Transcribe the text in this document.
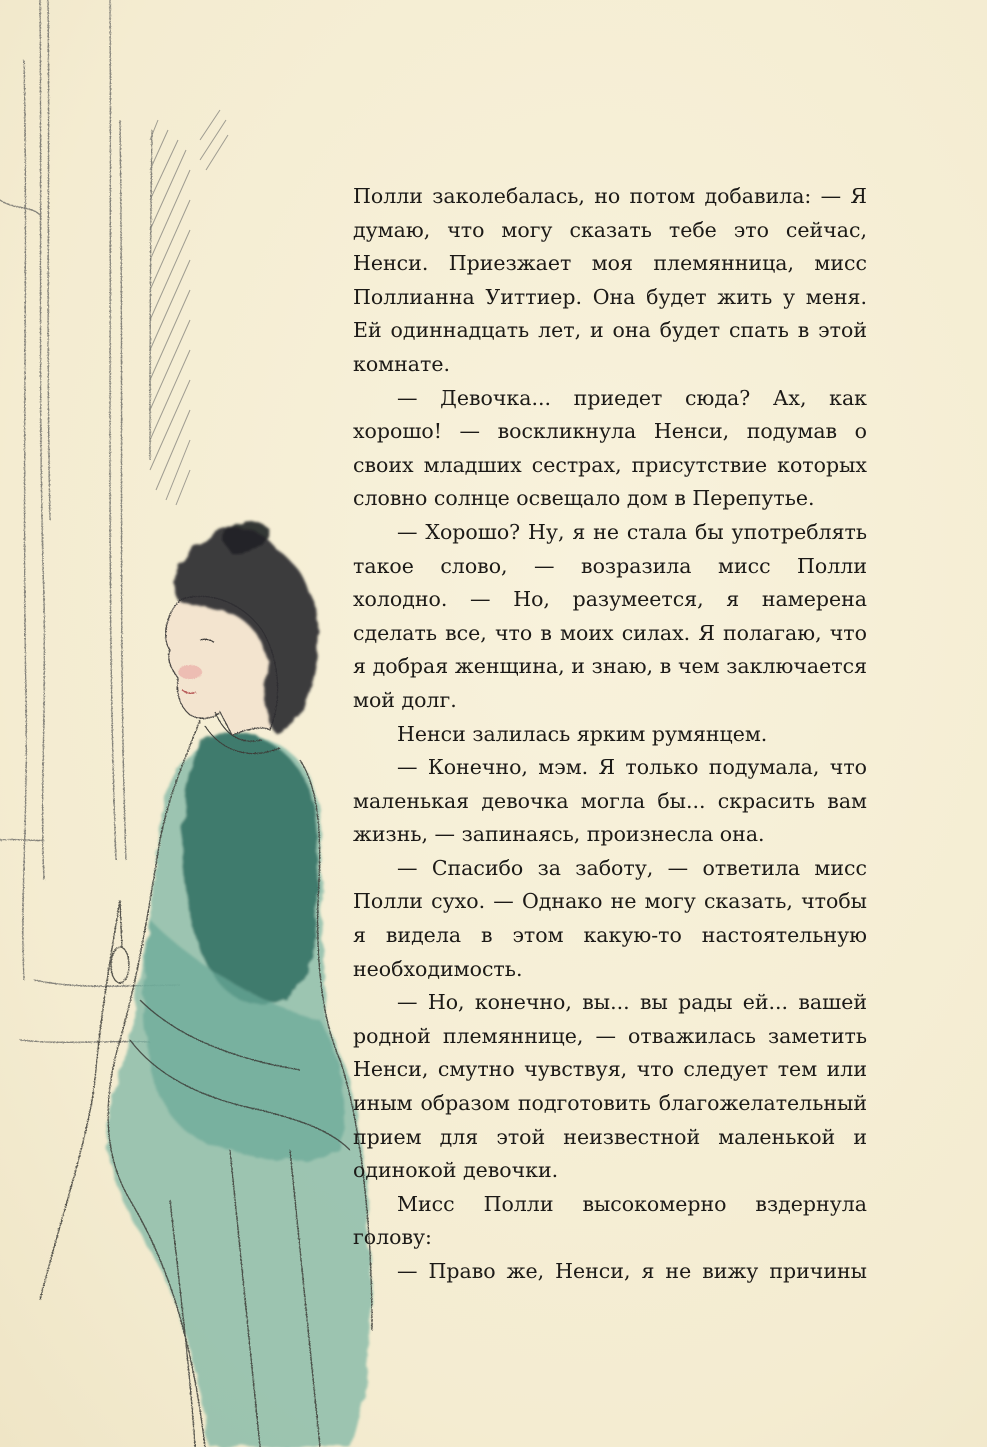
Полли заколебалась, но потом добавила: — Я думаю, что могу сказать тебе это сейчас, Ненси. Приезжает моя племянница, мисс Поллианна Уиттиер. Она будет жить у меня. Ей одиннадцать лет, и она будет спать в этой комнате.

— Девочка... приедет сюда? Ах, как хорошо! — воскликнула Ненси, подумав о своих младших сестрах, присутствие которых словно солнце освещало дом в Перепутье.

— Хорошо? Ну, я не стала бы употреблять такое слово, — возразила мисс Полли холодно. — Но, разумеется, я намерена сделать все, что в моих силах. Я полагаю, что я добрая женщина, и знаю, в чем заключается мой долг.

Ненси залилась ярким румянцем.

— Конечно, мэм. Я только подумала, что маленькая девочка могла бы... скрасить вам жизнь, — запинаясь, произнесла она.

— Спасибо за заботу, — ответила мисс Полли сухо. — Однако не могу сказать, чтобы я видела в этом какую-то настоятельную необходимость.

— Но, конечно, вы... вы рады ей... вашей родной племяннице, — отважилась заметить Ненси, смутно чувствуя, что следует тем или иным образом подготовить благожелательный прием для этой неизвестной маленькой и одинокой девочки.

Мисс Полли высокомерно вздернула голову:

— Право же, Ненси, я не вижу причины
